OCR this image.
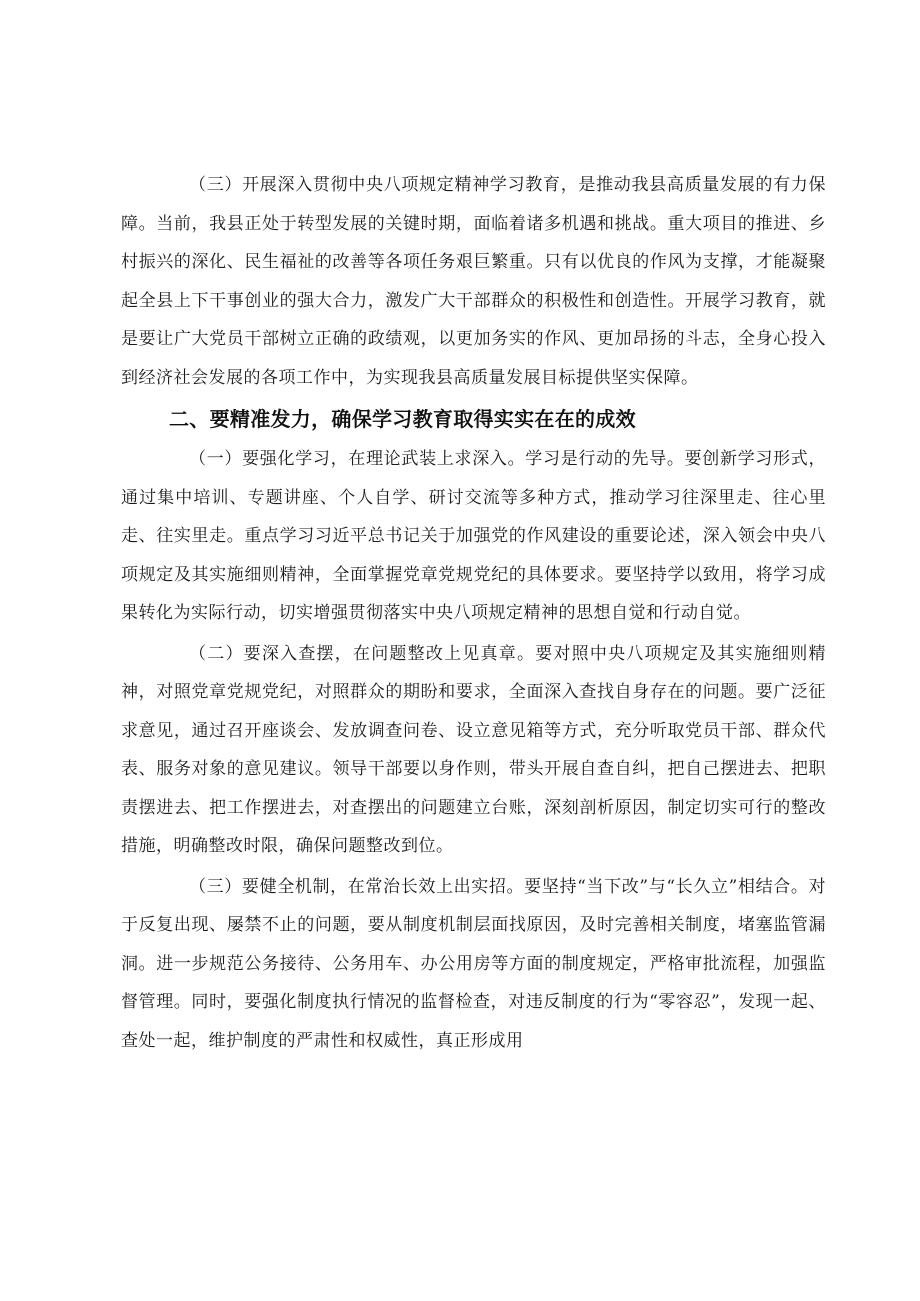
（三）开展深入贯彻中央八项规定精神学习教育，是推动我县高质量发展的有力保障。当前，我县正处于转型发展的关键时期，面临着诸多机遇和挑战。重大项目的推进、乡村振兴的深化、民生福祉的改善等各项任务艰巨繁重。只有以优良的作风为支撑，才能凝聚起全县上下干事创业的强大合力，激发广大干部群众的积极性和创造性。开展学习教育，就是要让广大党员干部树立正确的政绩观，以更加务实的作风、更加昂扬的斗志，全身心投入到经济社会发展的各项工作中，为实现我县高质量发展目标提供坚实保障。

二、要精准发力，确保学习教育取得实实在在的成效

（一）要强化学习，在理论武装上求深入。学习是行动的先导。要创新学习形式，通过集中培训、专题讲座、个人自学、研讨交流等多种方式，推动学习往深里走、往心里走、往实里走。重点学习习近平总书记关于加强党的作风建设的重要论述，深入领会中央八项规定及其实施细则精神，全面掌握党章党规党纪的具体要求。要坚持学以致用，将学习成果转化为实际行动，切实增强贯彻落实中央八项规定精神的思想自觉和行动自觉。

（二）要深入查摆，在问题整改上见真章。要对照中央八项规定及其实施细则精神，对照党章党规党纪，对照群众的期盼和要求，全面深入查找自身存在的问题。要广泛征求意见，通过召开座谈会、发放调查问卷、设立意见箱等方式，充分听取党员干部、群众代表、服务对象的意见建议。领导干部要以身作则，带头开展自查自纠，把自己摆进去、把职责摆进去、把工作摆进去，对查摆出的问题建立台账，深刻剖析原因，制定切实可行的整改措施，明确整改时限，确保问题整改到位。

（三）要健全机制，在常治长效上出实招。要坚持“当下改”与“长久立”相结合。对于反复出现、屡禁不止的问题，要从制度机制层面找原因，及时完善相关制度，堵塞监管漏洞。进一步规范公务接待、公务用车、办公用房等方面的制度规定，严格审批流程，加强监督管理。同时，要强化制度执行情况的监督检查，对违反制度的行为“零容忍”，发现一起、查处一起，维护制度的严肃性和权威性，真正形成用
